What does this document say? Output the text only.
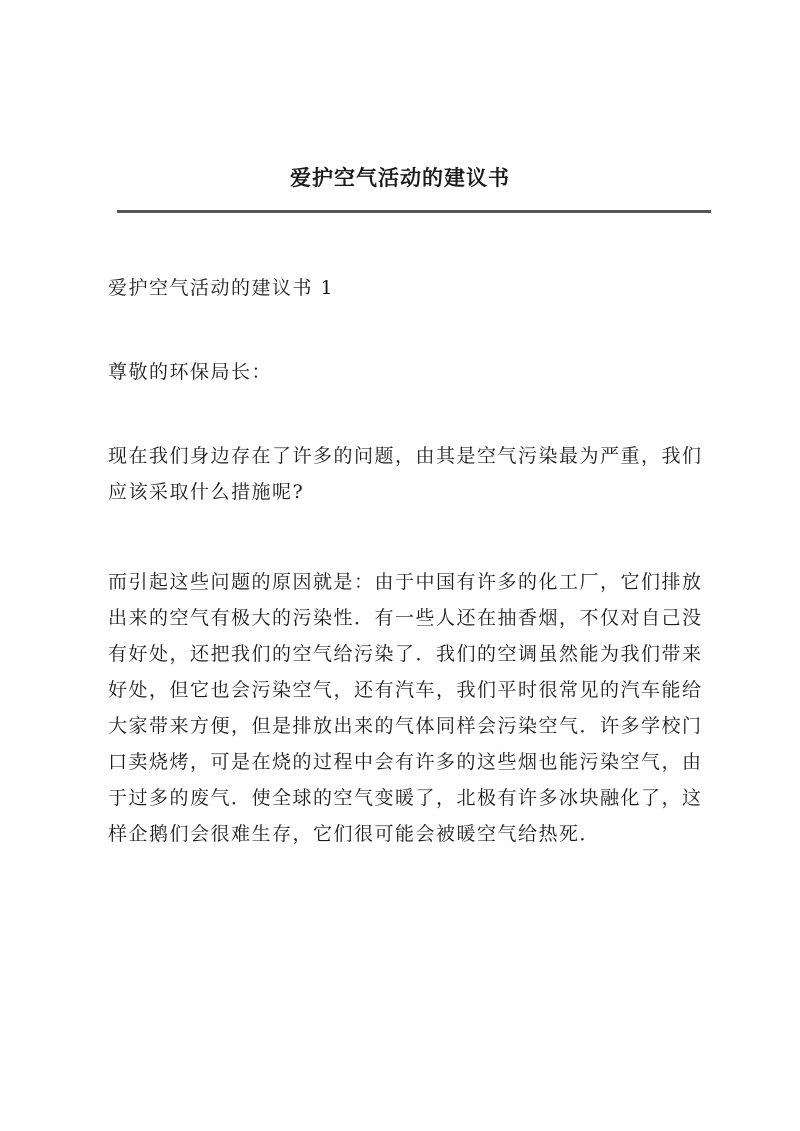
爱护空气活动的建议书

爱护空气活动的建议书 1

尊敬的环保局长：

现在我们身边存在了许多的问题，由其是空气污染最为严重，我们应该采取什么措施呢?

而引起这些问题的原因就是：由于中国有许多的化工厂，它们排放出来的空气有极大的污染性．有一些人还在抽香烟，不仅对自己没有好处，还把我们的空气给污染了．我们的空调虽然能为我们带来好处，但它也会污染空气，还有汽车，我们平时很常见的汽车能给大家带来方便，但是排放出来的气体同样会污染空气．许多学校门口卖烧烤，可是在烧的过程中会有许多的这些烟也能污染空气，由于过多的废气．使全球的空气变暖了，北极有许多冰块融化了，这样企鹅们会很难生存，它们很可能会被暖空气给热死．
